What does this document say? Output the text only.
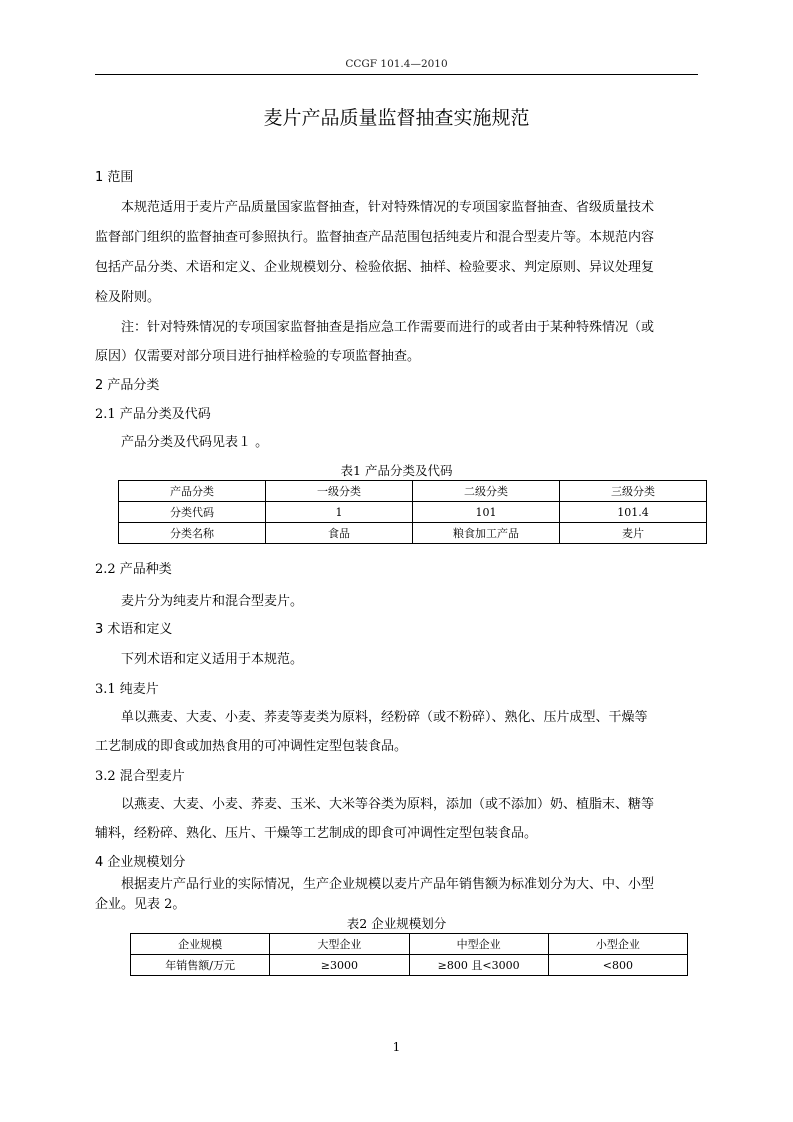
CCGF 101.4—2010
麦片产品质量监督抽查实施规范
1 范围
本规范适用于麦片产品质量国家监督抽查，针对特殊情况的专项国家监督抽查、省级质量技术
监督部门组织的监督抽查可参照执行。监督抽查产品范围包括纯麦片和混合型麦片等。本规范内容
包括产品分类、术语和定义、企业规模划分、检验依据、抽样、检验要求、判定原则、异议处理复
检及附则。
注：针对特殊情况的专项国家监督抽查是指应急工作需要而进行的或者由于某种特殊情况（或
原因）仅需要对部分项目进行抽样检验的专项监督抽查。
2 产品分类
2.1 产品分类及代码
产品分类及代码见表１ 。
表1 产品分类及代码
产品分类	一级分类	二级分类	三级分类
分类代码	1	101	101.4
分类名称	食品	粮食加工产品	麦片
2.2 产品种类
麦片分为纯麦片和混合型麦片。
3 术语和定义
下列术语和定义适用于本规范。
3.1 纯麦片
单以燕麦、大麦、小麦、荞麦等麦类为原料，经粉碎（或不粉碎）、熟化、压片成型、干燥等
工艺制成的即食或加热食用的可冲调性定型包装食品。
3.2 混合型麦片
以燕麦、大麦、小麦、荞麦、玉米、大米等谷类为原料，添加（或不添加）奶、植脂末、糖等
辅料，经粉碎、熟化、压片、干燥等工艺制成的即食可冲调性定型包装食品。
4 企业规模划分
根据麦片产品行业的实际情况，生产企业规模以麦片产品年销售额为标准划分为大、中、小型
企业。见表 2。
表2 企业规模划分
企业规模	大型企业	中型企业	小型企业
年销售额/万元	≥3000	≥800 且<3000	<800
1
